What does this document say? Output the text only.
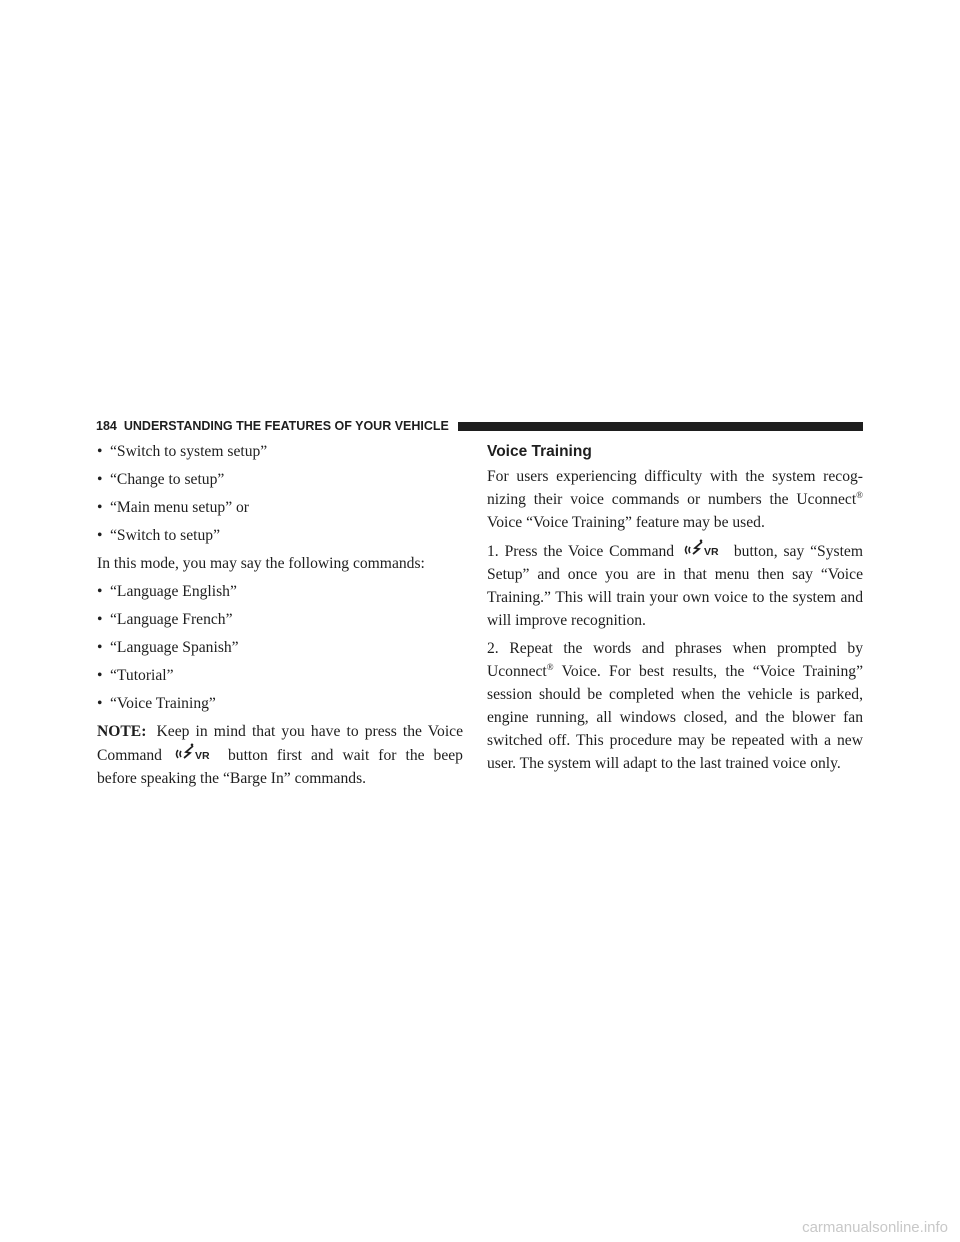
184 UNDERSTANDING THE FEATURES OF YOUR VEHICLE
• “Switch to system setup”
• “Change to setup”
• “Main menu setup” or
• “Switch to setup”

In this mode, you may say the following commands:

• “Language English”
• “Language French”
• “Language Spanish”
• “Tutorial”
• “Voice Training”

NOTE: Keep in mind that you have to press the Voice Command	VR button first and wait for the beep before speaking the “Barge In” commands.

Voice Training

For users experiencing difficulty with the system recog-nizing their voice commands or numbers the Uconnect® Voice “Voice Training” feature may be used.

1. Press the Voice Command	VR button, say “System Setup” and once you are in that menu then say “Voice Training.” This will train your own voice to the system and will improve recognition.

2. Repeat the words and phrases when prompted by Uconnect® Voice. For best results, the “Voice Training” session should be completed when the vehicle is parked, engine running, all windows closed, and the blower fan switched off. This procedure may be repeated with a new user. The system will adapt to the last trained voice only.

carmanualsonline.info
